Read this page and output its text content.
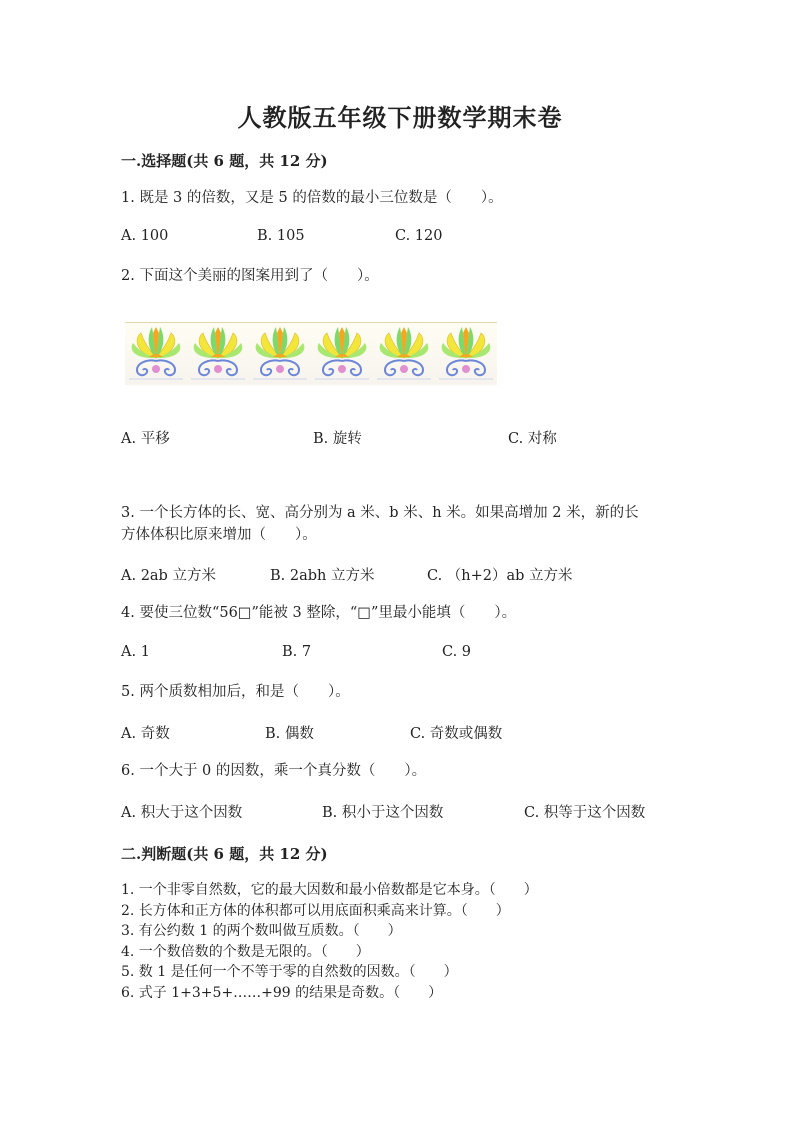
人教版五年级下册数学期末卷
一.选择题(共 6 题，共 12 分)
1. 既是 3 的倍数，又是 5 的倍数的最小三位数是（　　）。
A. 100	B. 105	C. 120
2. 下面这个美丽的图案用到了（　　）。
A. 平移	B. 旋转	C. 对称
3. 一个长方体的长、宽、高分别为 a 米、b 米、h 米。如果高增加 2 米，新的长
方体体积比原来增加（　　）。
A. 2ab 立方米	B. 2abh 立方米	C. （h+2）ab 立方米
4. 要使三位数“56□”能被 3 整除，“□”里最小能填（　　）。
A. 1	B. 7	C. 9
5. 两个质数相加后，和是（　　）。
A. 奇数	B. 偶数	C. 奇数或偶数
6. 一个大于 0 的因数，乘一个真分数（　　）。
A. 积大于这个因数	B. 积小于这个因数	C. 积等于这个因数
二.判断题(共 6 题，共 12 分)
1. 一个非零自然数，它的最大因数和最小倍数都是它本身。（　　）
2. 长方体和正方体的体积都可以用底面积乘高来计算。（　　）
3. 有公约数 1 的两个数叫做互质数。（　　）
4. 一个数倍数的个数是无限的。（　　）
5. 数 1 是任何一个不等于零的自然数的因数。（　　）
6. 式子 1+3+5+……+99 的结果是奇数。（　　）
